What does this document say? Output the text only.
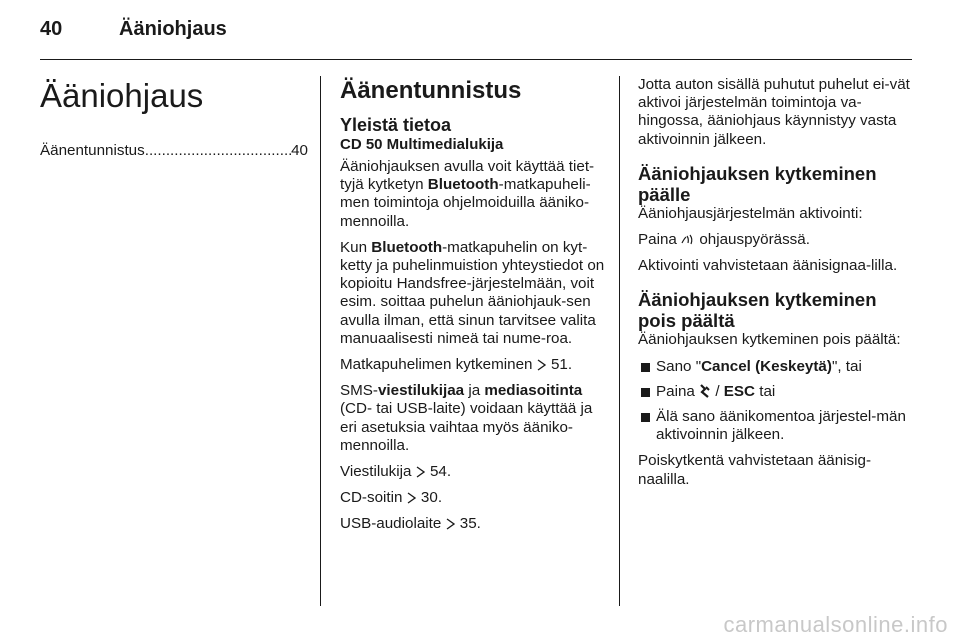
40	Ääniohjaus
Ääniohjaus
Äänentunnistus
.....	40
Äänentunnistus
Yleistä tietoa
CD 50 Multimedialukija

Ääniohjauksen avulla voit käyttää tiet-tyjä kytketyn Bluetooth-matkapuheli-men toimintoja ohjelmoiduilla ääniko-mennoilla.

Kun Bluetooth-matkapuhelin on kyt-ketty ja puhelinmuistion yhteystiedot on kopioitu Handsfree-järjestelmään, voit esim. soittaa puhelun ääniohjauk-sen avulla ilman, että sinun tarvitsee valita manuaalisesti nimeä tai nume-roa.

Matkapuhelimen kytkeminen 51.

SMS-viestilukijaa ja mediasoitinta
(CD- tai USB-laite) voidaan käyttää ja eri asetuksia vaihtaa myös ääniko-mennoilla.

Viestilukija 54.

CD-soitin 30.

USB-audiolaite 35.

Jotta auton sisällä puhutut puhelut ei-vät aktivoi järjestelmän toimintoja va-hingossa, ääniohjaus käynnistyy vasta aktivoinnin jälkeen.

Ääniohjauksen kytkeminen päälle

Ääniohjausjärjestelmän aktivointi:

Paina ohjauspyörässä.

Aktivointi vahvistetaan äänisignaa-lilla.

Ääniohjauksen kytkeminen pois päältä

Ääniohjauksen kytkeminen pois päältä:

Sano "Cancel (Keskeytä)", tai
Paina / ESC tai
Älä sano äänikomentoa järjestel-män aktivoinnin jälkeen.

Poiskytkentä vahvistetaan äänisig-naalilla.

carmanualsonline.info
